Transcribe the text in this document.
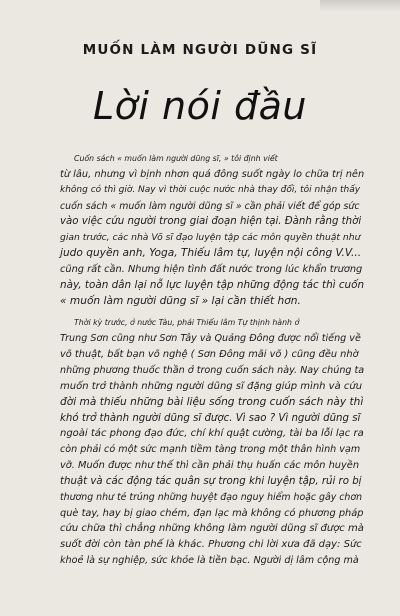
MUỐN LÀM NGƯỜI DŨNG SĨ
Lời nói đầu
Cuốn sách « muốn làm người dũng sĩ, » tôi định viết
từ lâu, nhưng vì bịnh nhơn quá đông suốt ngày lo chữa trị nên
không có thì giờ. Nay vì thời cuộc nước nhà thay đổi, tôi nhận thấy
cuốn sách « muốn làm người dũng sĩ » cần phải viết để góp sức
vào việc cứu người trong giai đoạn hiện tại. Đành rằng thời
gian trước, các nhà Võ sĩ đạo luyện tập các môn quyền thuật như
judo quyền anh, Yoga, Thiếu lâm tự, luyện nội công V.V...
cũng rất cần. Nhưng hiện tình đất nước trong lúc khẩn trương
này, toàn dân lại nỗ lực luyện tập những động tác thì cuốn
« muốn làm người dũng sĩ » lại cần thiết hơn.
Thời kỳ trước, ở nước Tàu, phái Thiếu lâm Tự thịnh hành ở
Trung Sơn cũng như Sơn Tây và Quảng Đông được nổi tiếng về
võ thuật, bất bạn võ nghệ ( Sơn Đông mãi võ ) cũng đều nhờ
những phương thuốc thần ở trong cuốn sách này. Nay chúng ta
muốn trở thành những người dũng sĩ đặng giúp mình và cứu
đời mà thiếu những bài liệu sống trong cuốn sách này thì
khó trở thành người dũng sĩ được. Vì sao ? Vì người dũng sĩ
ngoài tác phong đạo đức, chí khí quật cường, tài ba lỗi lạc ra
còn phải có một sức mạnh tiềm tàng trong một thân hình vạm
vỡ. Muốn được như thế thì cần phải thụ huấn các môn huyền
thuật và các động tác quân sự trong khi luyện tập, rủi ro bị
thương như té trúng những huyệt đạo nguy hiểm hoặc gây chơn
què tay, hay bị giao chém, đạn lạc mà không có phương pháp
cứu chữa thì chẳng những không làm người dũng sĩ được mà
suốt đời còn tàn phế là khác. Phương chi lời xưa đã dạy: Sức
khoẻ là sự nghiệp, sức khỏe là tiền bạc. Người dị lâm cộng mà
